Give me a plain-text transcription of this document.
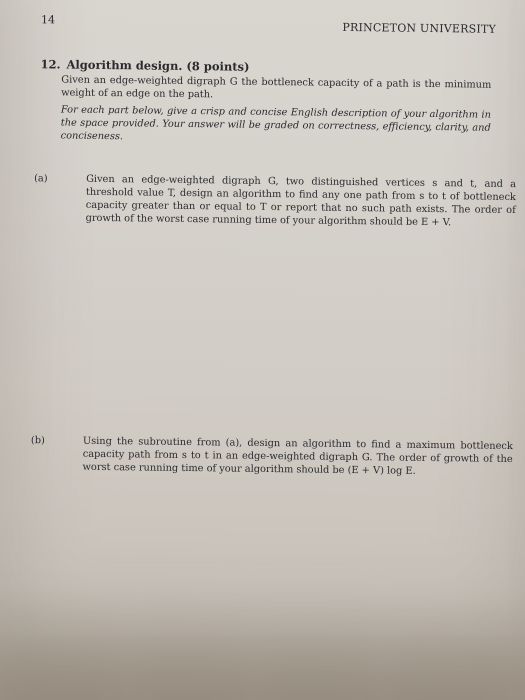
14
PRINCETON UNIVERSITY
12. Algorithm design. (8 points)
Given an edge-weighted digraph G the bottleneck capacity of a path is the minimum weight of an edge on the path.
For each part below, give a crisp and concise English description of your algorithm in the space provided. Your answer will be graded on correctness, efficiency, clarity, and conciseness.
(a)	Given an edge-weighted digraph G, two distinguished vertices s and t, and a threshold value T, design an algorithm to find any one path from s to t of bottleneck capacity greater than or equal to T or report that no such path exists. The order of growth of the worst case running time of your algorithm should be E + V.
(b)	Using the subroutine from (a), design an algorithm to find a maximum bottleneck capacity path from s to t in an edge-weighted digraph G. The order of growth of the worst case running time of your algorithm should be (E + V) log E.
